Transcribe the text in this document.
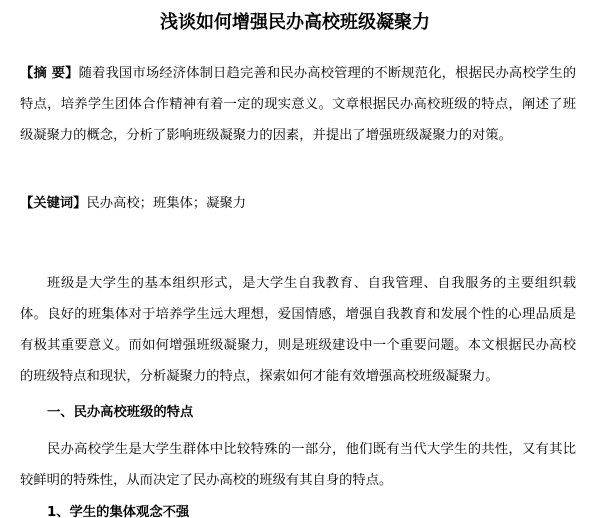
浅谈如何增强民办高校班级凝聚力

【摘 要】随着我国市场经济体制日趋完善和民办高校管理的不断规范化，根据民办高校学生的特点，培养学生团体合作精神有着一定的现实意义。文章根据民办高校班级的特点，阐述了班级凝聚力的概念，分析了影响班级凝聚力的因素，并提出了增强班级凝聚力的对策。

【关键词】民办高校；班集体；凝聚力

班级是大学生的基本组织形式，是大学生自我教育、自我管理、自我服务的主要组织载体。良好的班集体对于培养学生远大理想，爱国情感，增强自我教育和发展个性的心理品质是有极其重要意义。而如何增强班级凝聚力，则是班级建设中一个重要问题。本文根据民办高校的班级特点和现状，分析凝聚力的特点，探索如何才能有效增强高校班级凝聚力。

一、民办高校班级的特点

民办高校学生是大学生群体中比较特殊的一部分，他们既有当代大学生的共性，又有其比较鲜明的特殊性，从而决定了民办高校的班级有其自身的特点。

1、学生的集体观念不强
